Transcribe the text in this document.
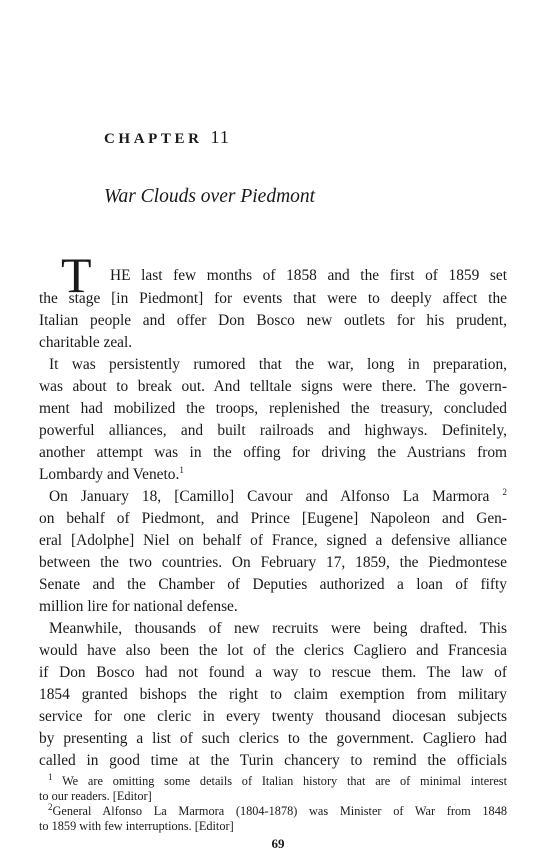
CHAPTER 11
War Clouds over Piedmont
T HE last few months of 1858 and the first of 1859 set
the stage [in Piedmont] for events that were to deeply affect the
Italian people and offer Don Bosco new outlets for his prudent,
charitable zeal.
It was persistently rumored that the war, long in preparation,
was about to break out. And telltale signs were there. The govern-
ment had mobilized the troops, replenished the treasury, concluded
powerful alliances, and built railroads and highways. Definitely,
another attempt was in the offing for driving the Austrians from
Lombardy and Veneto.$^1$
On January 18, [Camillo] Cavour and Alfonso La Marmora $^2$
on behalf of Piedmont, and Prince [Eugene] Napoleon and Gen-
eral [Adolphe] Niel on behalf of France, signed a defensive alliance
between the two countries. On February 17, 1859, the Piedmontese
Senate and the Chamber of Deputies authorized a loan of fifty
million lire for national defense.
Meanwhile, thousands of new recruits were being drafted. This
would have also been the lot of the clerics Cagliero and Francesia
if Don Bosco had not found a way to rescue them. The law of
1854 granted bishops the right to claim exemption from military
service for one cleric in every twenty thousand diocesan subjects
by presenting a list of such clerics to the government. Cagliero had
called in good time at the Turin chancery to remind the officials
$^1$ We are omitting some details of Italian history that are of minimal interest
to our readers. [Editor]
$^2$General Alfonso La Marmora (1804-1878) was Minister of War from 1848
to 1859 with few interruptions. [Editor]
69
